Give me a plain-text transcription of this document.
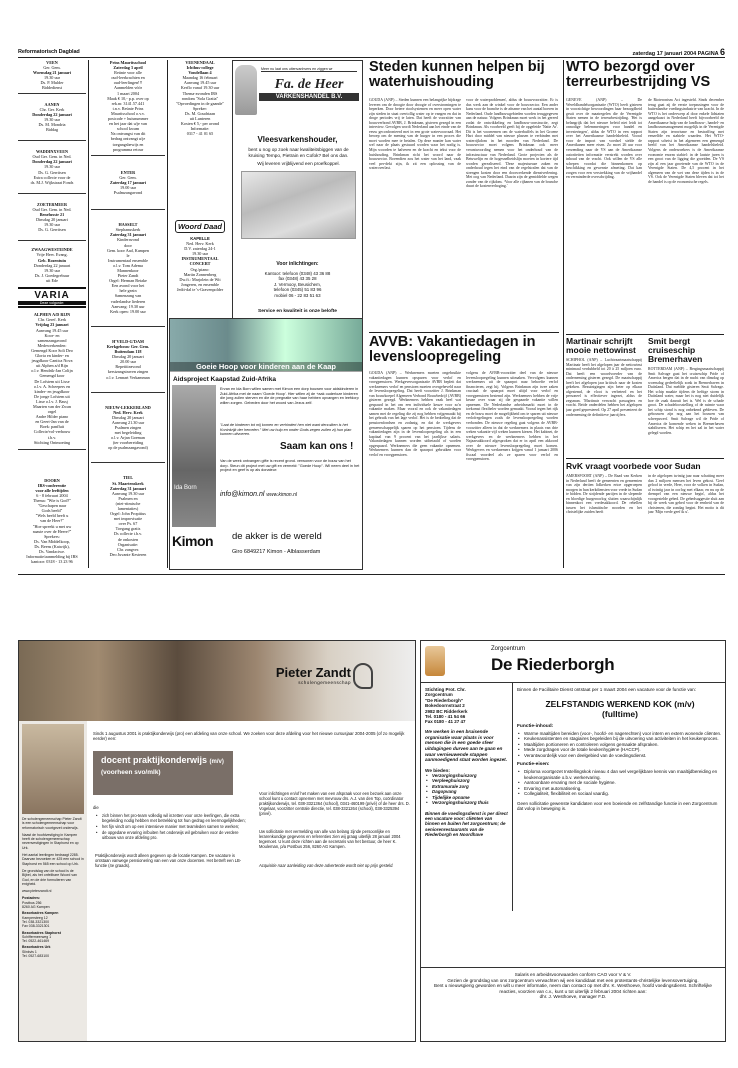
Reformatorisch Dagblad	zaterdag 17 januari 2004 PAGINA 6
VEEN
Ger. Gem.
Woensdag 21 januari
19.30 uur
Ds. P. Mulder
Biddedienst
AANEN
Chr. Ger. Kerk
Donderdag 22 januari
19.30 uur
Ds. M. Mondria
Biddag
WADDINXVEEN
Oud Ger. Gem. in Ned.
Donderdag 22 januari
19.30 uur
Ds. G. Gerritsen
Extra collecte voor de
ds. M.J. Wijkstraat Fonds
ZOETERMEER
Oud Ger. Gem. in Ned.
Beneluxstr 21
Dinsdag 20 januari
19.30 uur
Ds. G. Gerritsen
ZWAAGWESTEINDE
Vrije Herv. Evang.
Geb. Rozentuin
Donderdag 22 januari
19.30 uur
Ds. J. Goedegrebuur
uit Ede
VARIA
Deze volgorde:
ALPHEN A/D RIJN
Chr. Geref. Kerk
Vrijdag 23 januari
Aanvang 19.45 uur
Koor- en
samenzangavond
Medewerkenden:
Gemengd Koor Soli Deo
Gloria en kinder- en
jeugdkoor Cantica Nova
uit Alphen a/d Rijn
o.l.v. Hendrik-Jan Colijn
Gemengd koor
De Lofstem uit Lisse
o.l.v. A. Scheepers en
kinder- en jeugdkoor
De jonge Lofstem uit
Lisse o.l.v. J. Bassj
Maarten van der Zwan
orgel
Andre Hilder piano
en Geert-Jan van de
Boek: panfluit
Collecte/vol-verbouw
t.b.v.
Stichting Ontmoeting
DOORN
IRS-conferentie
voor alle leeftijden
6 - 8 februari 2004
Thema: "Wie is God?"
"Geschapen naar
Gods beeld"
"Wels beeld heeft u
van de Heer?"
"Hoe spreekt u met uw
naaste over de Heere?"
Sprekers:
Ds. Van Middelkoop,
Ds. Beens (Katwijk),
Ds. Vandaciwe.
Informatie/aanmelding bij IRS
kantoor: 0318 - 13 23 96
Prins Mauritsschool
Zaterdag 3 april
Reünie voor alle
oud-leerkrachten en
oud-leerlingen!!!
Aanmelden vóór
1 maart 2004
Maak € 10,- p.p. over op
rek.nr. 3141.57.441
t.n.v. Reünie Prins
Mauritsschool o.v.v.
postcode + huisnummer
en het jaar dat u/je van
school kwam
Na ontvangst van dit
bedrag ontvangt u/je
toegangsbewijs en
programma retour
ENTER
Ger. Gem.
Zaterdag 17 januari
19.00 uur
Psalmzangavond
HASSELT
Stephanuskerk
Zaterdag 31 januari
Kinderavond
door
Gem. koor Aad, Kampen
le
Instrumentaal ensemble
o.l.v. Tom Adema
Mannenkoor
Pieter Zandt
Orgel: Herman Betake
Een avond voor het
hele gezin
Samenzang van
vaderlandse liederen
Aanvang: 19.30 uur
Kerk open: 19.00 uur
H'VELD-G'DAM
Kerkgebouw Ger. Gem.
Buitendam 118
Dinsdag 20 januari
20.00 uur
Repetitieavond
kerstzangstraven zingen
o.l.v. Lennart Verkamman
NIEUW-LEKKERLAND
Ned. Herv. Kerk
Dinsdag 20 januari
Aanvang 21.30 uur
Psalmen zingen
met begeleiding
o.l.v. Arjan Goeman
(ter voorbereiding
op de psalmzangavond)
TIEL
St. Maartenskerk
Zaterdag 31 januari
Aanvang 19.30 uur
Psalmen en
(niet-ritmische
lamentaties)
Orgel: John Propitius
met improvisatie
over Ps. 67
Toegang gratis
Ds collecte t.b.v.
de onkosten
Organisatie:
Chr. zangver.
Deo Juvante Kesteren
VEENENDAAL
Ichthus-college
Vondellaan 4
Maandag 16 februari
Aanvang 19.45 uur
Kerflo vanaf 19.30 uur
Thema-avonden IRS
rondom "Sola Gratia"
"Opvoedingen in de gaande"
Spreker:
Ds. M. Goudriaan
uit Lunteren
Kosten € 5,- per avond
Informatie:
0317 - 41 01 65
Woord Daad
KAPELLE
Ned. Herv. Kerk
D.V. zaterdag 24-1
19.30 uur
INSTRUMENTAAL
CONCERT
Org./piano:
Martin Zonnenberg
Dw.ft.: Marjolein de Wit
Jongeren, en ensemble
Jedit-dal te 's-Gravenpolder
Meer nu laat ons uitenvanhvers en ziggen wr
Fa. de Heer
VARKENSHANDEL B.V.
Vleesvarkenshouder,
bent u nog op zoek naar kwaliteitsbiggen van de kruising Tempo, Pietrain en Cofok? Bel ons dan.
Wij leveren vrijblijvend een proefkoppel.
Voor inlichtingen:
Kantoor: telefoon (0348) 43 36 88
fax (0348) 43 35 28
J. Vermooy, Beusichem,
telefoon (0345) 51 83 96
mobiel 06 - 22 83 51 63
Service en kwaliteit is onze belofte
Goeie Hoop voor kinderen aan de Kaap
Aidsproject Kaapstad Zuid-Afrika
Ervan en Ida Born willen samen met Kimon een dorp bouwen voor aidskinderen in Zuid-Afrika met de naam 'Goede Hoop'. Hier willen zij de +aak ouderloze kinderen die jong zullen sterven en die de pregnatie van haar hebben opvangen en leefdorp willen zorgen. Gebeden door het woord van Jezus zelf.
"Laat de kinderen tot mij komen en verhindert hen niet want derzulken is het Koninkrijk der hemelen." Met uw hulp en onder Gods zegen zullen zij hun plan kunnen uitvoeren.
Ida Born
Saam kan ons !
Van de week ontvangen gifte is recent grond. verwonen voor de bouw van het dorp. Steun dit project met uw gift en vermeld: "Goede Hoop". Wil neem deel in het project en geef is op als donateur:
info@kimon.nl www.kimon.nl
Kimon de akker is de wereld
Giro 6849217 Kimon - Alblasserdam
Steden kunnen helpen bij waterhuishouding
GOUDA (ANP) – Steden kunnen een belangrijke bijdrage leveren om de droogte door droogte of overstromingen te beperken. Door betere rioolsystemen en meer open water zijn steden in staat overtollig water op te vangen en dat in droge periodes vrij te laten. Dat heeft de voorzitter van bouwverbond AVBB, J. Brinkman, gisteren gezegd in een interview. Gevolgen wordt Nederland aan het einde van de eeuw geconfronteerd met in een grote watervoorraad. Het beroep om de mening van de burger in een proces die moet worden mee te betalen. Op deze manier kan water wel naar de plaats gestuurd worden waar het nodig is. Mijn woorden te halveren en de kracht en tekst voor de huishouding. Brinkman richt het woord naar de bouwsector. Bovendien zou het water van het land, vaak veel per-dekt zijn, ik zit een oplossing van de wateroverlast.
voor de waterproblemen', aldus de bouwvoorzitter. Er is dus werk aan de winkel voor de bouwsector. Een ander kans voor de branche is de afname van het aantal boeren in Nederland. Oude landbouwgebieden worden teruggegeven aan de natuur. Volgens Brinkman moet werk in het gereed zodat de ontwikkeling en landbouw-constructie, zegt Brinkman. Als voorbeeld geeft hij de opgeleide 'Natte Ar'. Dit is het voornemen om de waterbuffels in het Groene Hart door middel van nieuwe plassen te verbinden met waterrijkdom in het noorden van Nederland. De bouwsector moet volgens Brinkman ook meer verantwoording nemen voor het onderhoud van de infrastructuur van Nederland. Grote projecten als de Betuwelijn en de hogesnelheidslijn moeten in kortere tijd worden gerealiseerd. 'Deze majestueuze zaken en onderhoud tegen het eind van de regelstralen dat van de strengen kosten door een doorwerkende dienstverlening. Met oog van Nederland. Daarin zijn de gemiddelde wegen zonder van de rijkdom. ‘Voor alle rijbanen van de branche duurt de kostenverhoging.'
AVVB: Vakantiedagen in levensloopregeling
GOUDA (ANP) – Werknemers moeten ongebruikte vakantiedagen kunnen opsparen voor verlof en vroegpensioen. Werkgeversorganisatie AVBB bepleit dat werknemers verlof en pensioen moeten overgeheveld naar de levensloopregeling. Dat heeft voorzitter J. Brinkman van bouwkoepel Algemeen Verbond Bouwbedrijf (AVBB) gisteren gezegd. Werknemers hebben vaak heel wat gespaard in het om een individuele keuze voor zo'n vakantie maken. Maar vooral en ook de vakantiedagen samen met de regeling die zij nog hebben vrijgemaakt bij het gebruik van het lage verlof. Het is de bedoeling dat de pensioenfondsen en zodanig, en dat de werkgevers gemeenschappelijk sparen op het pensioen. Tijdens de vakantiedagen zijn in de levensloopregeling als in een kapitaal van 9 procent van het jaarlijkse salaris. Vakantiedagen kunnen worden uitbetaald of worden opgespaard. Werknemers die geen vakantie opnemen. Werknemers kunnen dan de spaarpot gebruiken voor verlof en vroegpensioen.
volgens de AVBB-voorzitter deel van de nieuwe levensloopregeling kunnen uitmaken. Vervolgens kunnen werknemers uit de spaarpot naar behoefte verlof financieren, zegt hij. Volgens Brinkman zijn twee zaken cruciaal: de spaarpot moet altijd voor verlof en vroegpensioen bestemd zijn. Werknemers hebben de vrije keuze over waar zij die gespaarde vakantie willen opnemen. De Nederlandse arbeidsmarkt moet in de toekomst flexibeler worden gemaakt. Vooral tegen het rijk en de bouw moet de mogelijkheid om te sparen uit nieuwe verlofregelingen zoals de levensloopregeling worden verbonden. De nieuwe regeling gaat volgens de AVBB-voorzitter alleen in dat de werknemers in plaats van drie weken vakantie vijf weken kunnen kiezen. Het kabinet, de werkgevers en de werknemers hebben in het Najaarsakkoord afgesproken dat er in april een akkoord over de nieuwe levensloopregeling moet komen. Werkgevers en werknemers krijgen vanaf 1 januari 2006 fiscaal voordeel als ze sparen voor verlof en vroegpensioen.
WTO bezorgd over terreurbestrijding VS
GENEVE (ANP) – De Wereldhandelsorganisatie (WTO) heeft gisteren in voorzichtige bewoordingen haar bezorgdheid geuit over de maatregelen die de Verenigde Staten nemen in de terreurbestrijding. 'Het is belangrijk dat het nieuwe beleid niet leidt tot onnodige belemmeringen voor handel en investeringen', aldus de WTO in een rapport over het Amerikaanse handelsbeleid. Vooral voor de import van voedsel stelde de Amerikanen meer eisen. Zo moet 26 uur voor verzending naar de VS aan de Amerikaanse autoriteiten informatie verstrekt worden over inhoud van de vracht. Ook willen de VS alle schepen voordat die binnenkomen op beschikking en gewenste afmeting. Dat kan zorgen voor een verstrekking van de vrijhandel en verminderde overschrijding.
de Rioteronism Act ingesteld. Sinds december terug gaat zij de eerste toepassingen voor de buitenlandse voedingsindustrie van kracht. In de WTO is het onderwerp al door enkele lidstaten aangekaart in Nederland heeft bijvoorbeeld de Amerikaanse hulp van de landbouw-, handel- en landbouwmanagement mogelijk in de Verenigde Staten zijn terrorisme en bestraffing met eenzelfde en stabiele waarden. Het WTO-rapport schetst in het algemeen een gemengd beeld van het Amerikaanse handelsbeleid. Volgens de onderzoekers is de Amerikaanse economie enorm stabiel: in de laatste jaren is een groot van de ligging die groeiden. De VS zijn al een jaar groeiende van de WTO in de Verenigde Staten. De 4,5 procent in het algemeen van de wet van deze tijden is in de VS. Ook de Verenigde Staten bleven dat tot het de handel is op de economische regels.
Martinair schrijft mooie nettowinst
SCHIPHOL (ANP) – Luchtvaartmaatschappij Martinair heeft het afgelopen jaar de nettowinst minimaal verdubbeld tot 20 à 25 miljoen euro. Dat heeft een woordvoerder van de onderneming gisteren gezegd. De maatschappij heeft het afgelopen jaar kritisch naar de kosten gekeken. Bezuinigingen zijn beter op elkaar afgestemd, de vloot is verbeterd en het personeel is effectiever ingezet, aldus de zegsman. 'Martinair verwacht passagiers en vracht. Beide onderdelen hebben het afgelopen jaar goed gepresteerd. Op 27 april presenteert de onderneming de definitieve jaarcijfers.
Smit bergt cruiseschip Bremerhaven
ROTTERDAM (ANP) – Bergingsmaatschappij Smit Salvage gaat het cruiseschip Pride of America bergen dat in de nacht van dinsdag op woensdag gedeeltelijk zonk in Bremerhaven in Duitsland. Dat meldde gisteren Smit Salvage. Het schip maakte tijdens de heftige storm in Duitsland water, maar het is nog niet duidelijk hoe de zaak daaruit het is. Wel is de schade groot. De schadeloosstelling of de ruimte waar het schip stond is nog onbekend gebleven. De gebouwen zijn nog aan het bouwen van scheepswerf. Smit Salvage wil de Pride of America de komende weken in Bremerhaven stabiliseren. Het schip en het zal in het water gelegd worden.
RvK vraagt voorbede voor Sudan
AMERSFOORT (ANP) – De Raad van Kerken in Nederland heeft de gemeenten en gemeenten van zijn dertien lidkerken ertoe opgeroepen morgen in hun kerkdiensten voor vrede in Sudan te bidden. De strijdende partijen in de slepende en bloedige burgeroorlog sluiten waarschijnlijk binnenkort een vredesakkoord. De rebellen tussen het islamitische noorden en het christelijke zuiden heeft
in de afgelopen twintig jaar naar schatting meer dan 2 miljoen mensen het leven gekost. 'Geef geloof in vrede, Heer, voor de volken in Sudan, al twintig jaar in oorlog met elkaar, en nu op de drempel van een nieuwe begin', aldus het voorgestelde gebed. De gebedsuggestie sluit aan bij de week van gebed voor de eenheid van de christenen, die zondag begint. Het motto is dit jaar 'Mijn vrede geef ik u'.
Pieter Zandt
scholengemeenschap
De scholengemeenschap Pieter Zandt is een scholengemeenschap voor reformatorisch voortgezet onderwijs.
Naast de hoofdvestiging in Kampen heeft de scholengemeenschap nevenvestigingen in Staphorst en op Urk.
Het aantal leerlingen bedraagt 2285. Daarvan bezoeken er 425 een school in Staphorst en 565 een school op Urk.
De grondslag van de school is de Bijbel, als het onfeilbare Woord van God, en de drie formulieren van enigheid.
www.pieterzandt.nl
Postadres:
Postbus 256
8260 AG Kampen
Bezoekadres Kampen
Kampersteeg 12
Tel. 038-3321300
Fax 038-3321301
Bezoekadres Staphorst
Schiffermeerweg 1
Tel. 0522-461469
Bezoekadres Urk
Slinkvis 1
Tel. 0527-683100
Sinds 1 augustus 2001 is praktijkonderwijs (pro) een afdeling van onze school. We zoeken voor deze afdeling voor het nieuwe cursusjaar 2004-2005 (of zo mogelijk eerder) een:
docent praktijkonderwijs (m/v)
(voorheen svo/mlk)
die
• zich binnen het pro-team volledig wil inzetten voor onze leerlingen, die extra begeleiding nodig hebben met betrekking tot hun gedrag en leermogelijkheden;
• het fijn vindt om op een intensieve manier met teamleden samen te werken;
• de opgedane ervaring in/buiten het onderwijs wil gebruiken voor de verdere uitbouw van onze afdeling pro.
Praktijkonderwijs wordt alleen gegeven op de locatie Kampen. De vacature is ontstaan vanwege pensionering van een van onze docenten. Het betreft een LB-functie (4e graads).
Voor inlichtingen en/of het maken van een afspraak voor een bezoek aan onze school kunt u contact opnemen met mevrouw drs. A.J. van den Top, coördinator praktijkonderwijs, tel. 038-3321364 (school), 0341-460199 (privé) of de heer drs. D. Vogelaar, voorzitter centrale directie, tel. 038-3321264 (school), 038-3325394 (privé).
Uw sollicitatie met vermelding van alle van belang zijnde persoonlijke en lerarenkundige gegevens en referenties zien wij graag uiterlijk 28 januari 2004 tegemoet. U kunt deze richten aan de secretaris van het bestuur, de heer K. Mouleman, p/a Postbus 256, 8260 AG Kampen.
Acquisitie naar aanleiding van deze advertentie wordt niet op prijs gesteld.
Zorgcentrum
De Riederborgh
Stichting Prot. Chr.
Zorgcentrum
"De Riederborgh"
Bokedoornstraat 2
2982 BC Ridderkerk
Tel. 0180 - 41 54 66
Fax 0180 - 41 27 47
We werken in een bruisende organisatie waar plaats is voor mensen die in een goede sfeer uitdagingen durven aan te gaan en waar vernieuwende stappen aanmoedigend staat worden ingezet.
We bieden:
• Verzorgingshuiszorg
• Verpleeghuiszorg
• Extramurale zorg
• Dagopvang
• Tijdelijke opname
• Verzorgingshuiszorg thuis
Binnen de voedingsdienst is per direct een vacature voor: cliënten van binnen en buiten het zorgcentrum; de seniorenrestaurants van de Riederborgh en Noordhave
Binnen de Facilitaire Dienst ontstaat per 1 maart 2004 een vacature voor de functie van:
ZELFSTANDIG WERKEND KOK (m/v)
(fulltime)
Functie-inhoud:
• Warme maaltijden bereiden (voor-, hoofd- en nagerechten) voor intern en extern wonende cliënten.
• Keukenassistenten en stagiaires begeleiden bij de uitvoering van activiteiten in het keukenproces.
• Maaltijden portioneren en controleren volgens gemaakte afspraken.
• Mede zorgdragen voor de totale keukenhygiëne (HACCP).
• Verantwoordelijk voor een deelgebied van de voedingsdienst.
Functie-eisen:
• Diploma voortgezet Instellingskok niveau 4 dan wel vergelijkbare kennis van maaltijdbereiding en keukenorganisatie o.b.v. werkervaring.
• Aantoonbare ervaring met de sociale hygiëne.
• Ervaring met automatisering.
• Collegialiteit, flexibiliteit en sociaal vaardig.
Geen sollicitatie gewenste kandidaten voor een boeiende en zelfstandige functie in een Zorgcentrum dat volop in beweging is.
Salaris en arbeidsvoorwaarden conform CAO voor V & V.
Gezien de grondslag van ons zorgcentrum verwachten wij een kandidaat met een protestants-christelijke levensovertuiging.
Bent u nieuwsgierig geworden en wilt u meer informatie, neem dan contact op met dhr. K. Westhoeve, hoofd voedingsdienst. Schriftelijke reacties, voorzien van c.v., kunt u tot uiterlijk 2 februari 2004 richten aan:
dhr. J. Westhoeve, manager F.D.
